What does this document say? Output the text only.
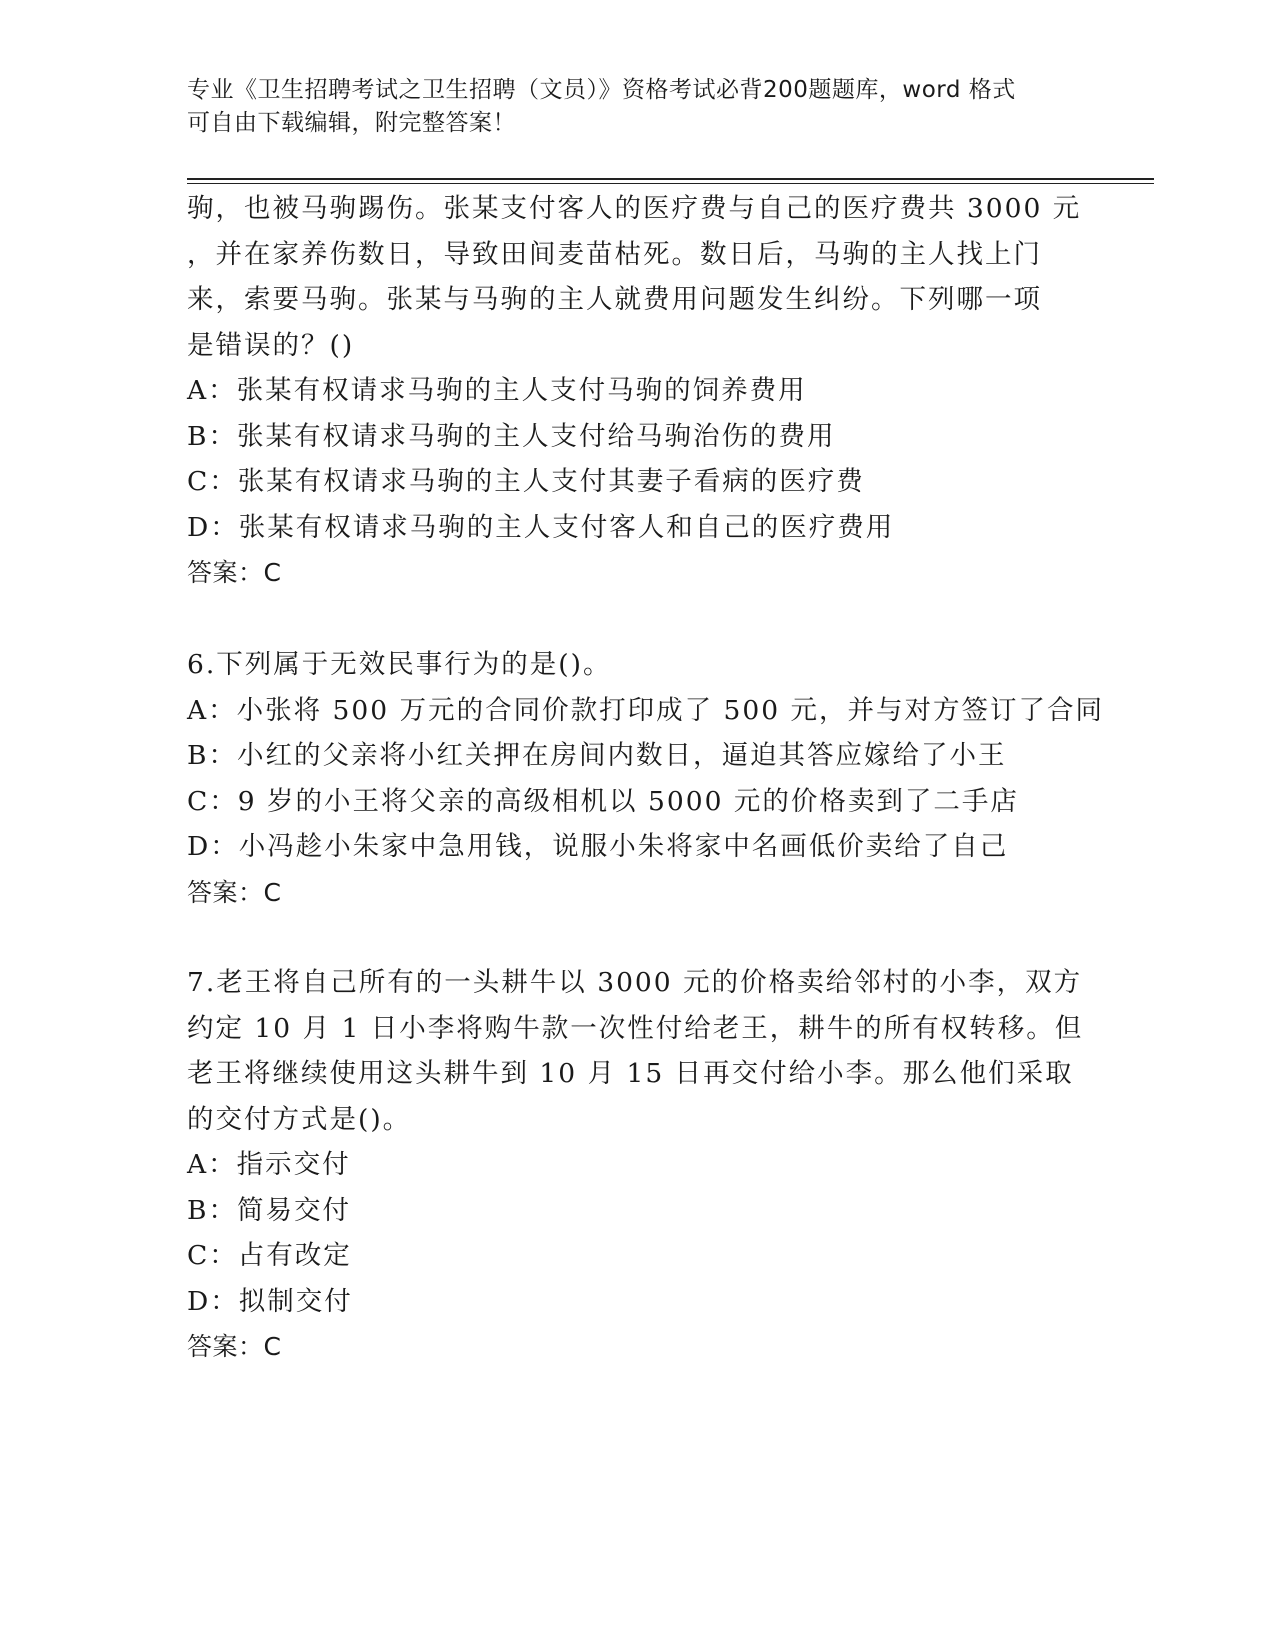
专业《卫生招聘考试之卫生招聘（文员）》资格考试必背200题题库，word 格式
可自由下载编辑，附完整答案！
驹，也被马驹踢伤。张某支付客人的医疗费与自己的医疗费共 3000 元
，并在家养伤数日，导致田间麦苗枯死。数日后，马驹的主人找上门
来，索要马驹。张某与马驹的主人就费用问题发生纠纷。下列哪一项
是错误的？()
A：张某有权请求马驹的主人支付马驹的饲养费用
B：张某有权请求马驹的主人支付给马驹治伤的费用
C：张某有权请求马驹的主人支付其妻子看病的医疗费
D：张某有权请求马驹的主人支付客人和自己的医疗费用
答案：C
6.下列属于无效民事行为的是()。
A：小张将 500 万元的合同价款打印成了 500 元，并与对方签订了合同
B：小红的父亲将小红关押在房间内数日，逼迫其答应嫁给了小王
C：9 岁的小王将父亲的高级相机以 5000 元的价格卖到了二手店
D：小冯趁小朱家中急用钱，说服小朱将家中名画低价卖给了自己
答案：C
7.老王将自己所有的一头耕牛以 3000 元的价格卖给邻村的小李，双方
约定 10 月 1 日小李将购牛款一次性付给老王，耕牛的所有权转移。但
老王将继续使用这头耕牛到 10 月 15 日再交付给小李。那么他们采取
的交付方式是()。
A：指示交付
B：简易交付
C：占有改定
D：拟制交付
答案：C
